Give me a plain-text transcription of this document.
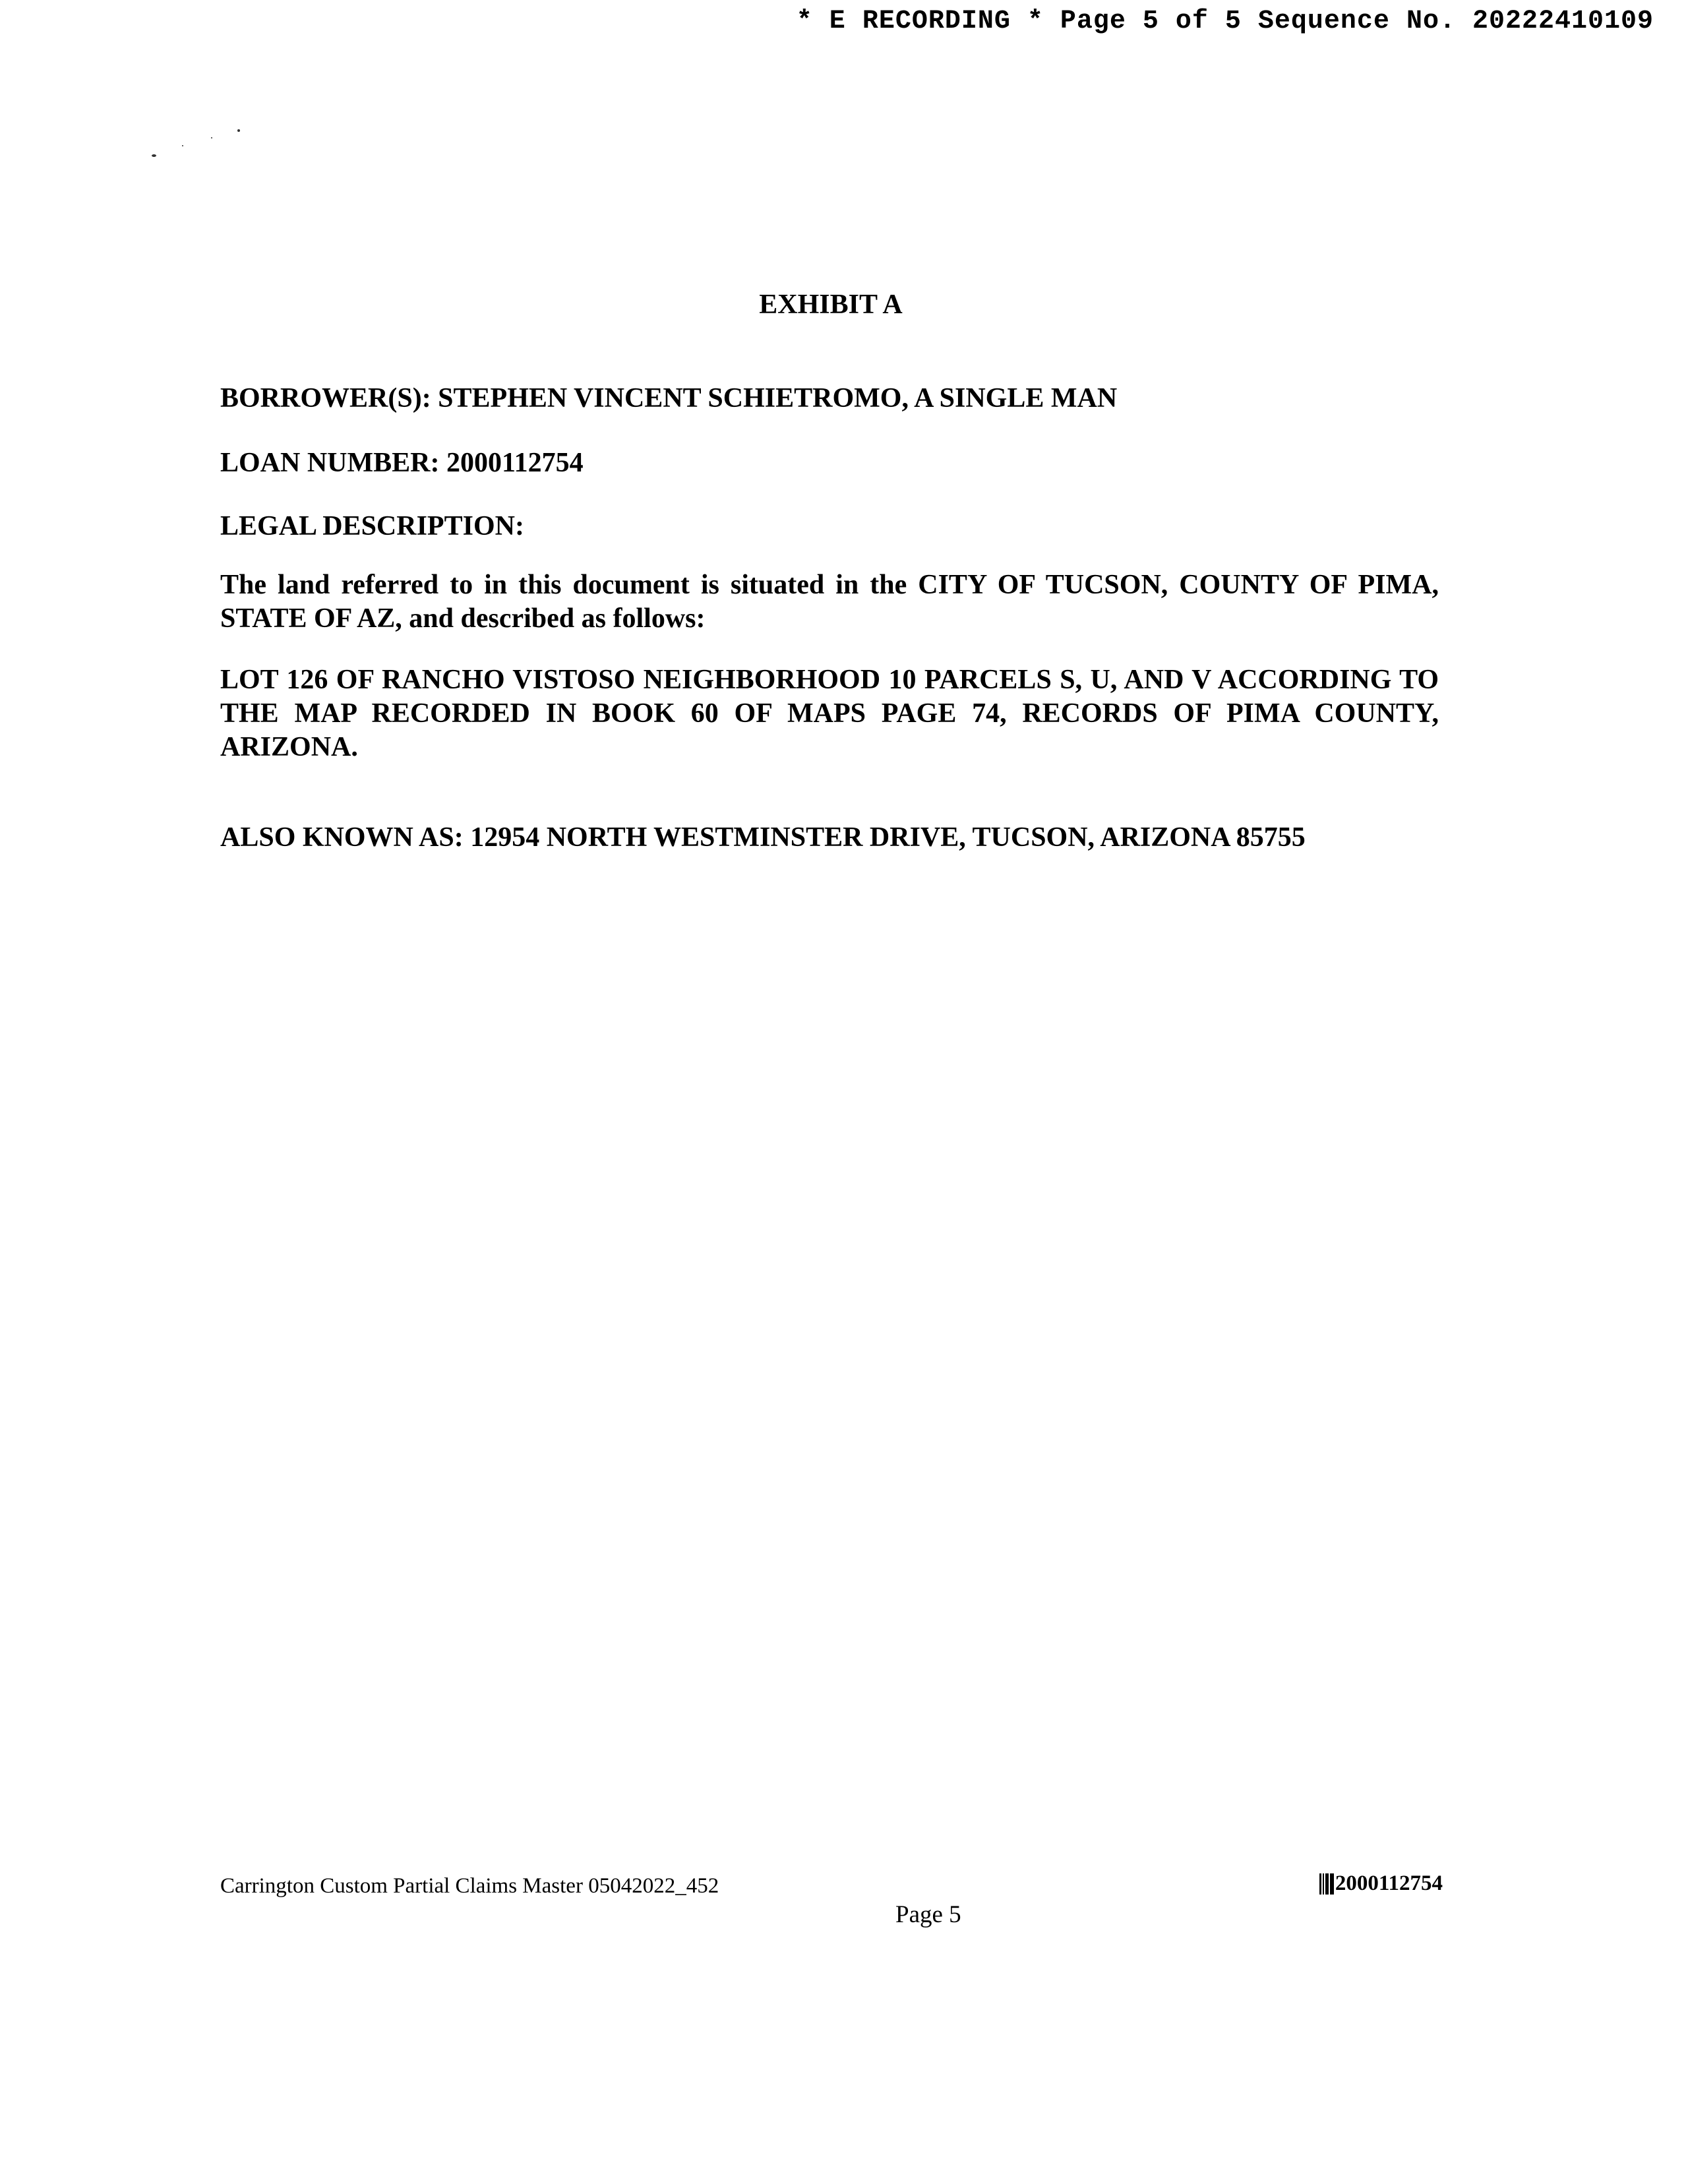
* E RECORDING * Page 5 of 5 Sequence No. 20222410109
EXHIBIT A
BORROWER(S): STEPHEN VINCENT SCHIETROMO, A SINGLE MAN
LOAN NUMBER: 2000112754
LEGAL DESCRIPTION:
The land referred to in this document is situated in the CITY OF TUCSON, COUNTY OF PIMA, STATE OF AZ, and described as follows:
LOT 126 OF RANCHO VISTOSO NEIGHBORHOOD 10 PARCELS S, U, AND V ACCORDING TO THE MAP RECORDED IN BOOK 60 OF MAPS PAGE 74, RECORDS OF PIMA COUNTY, ARIZONA.
ALSO KNOWN AS: 12954 NORTH WESTMINSTER DRIVE, TUCSON, ARIZONA 85755
Carrington Custom Partial Claims Master 05042022_452
Page 5
2000112754
